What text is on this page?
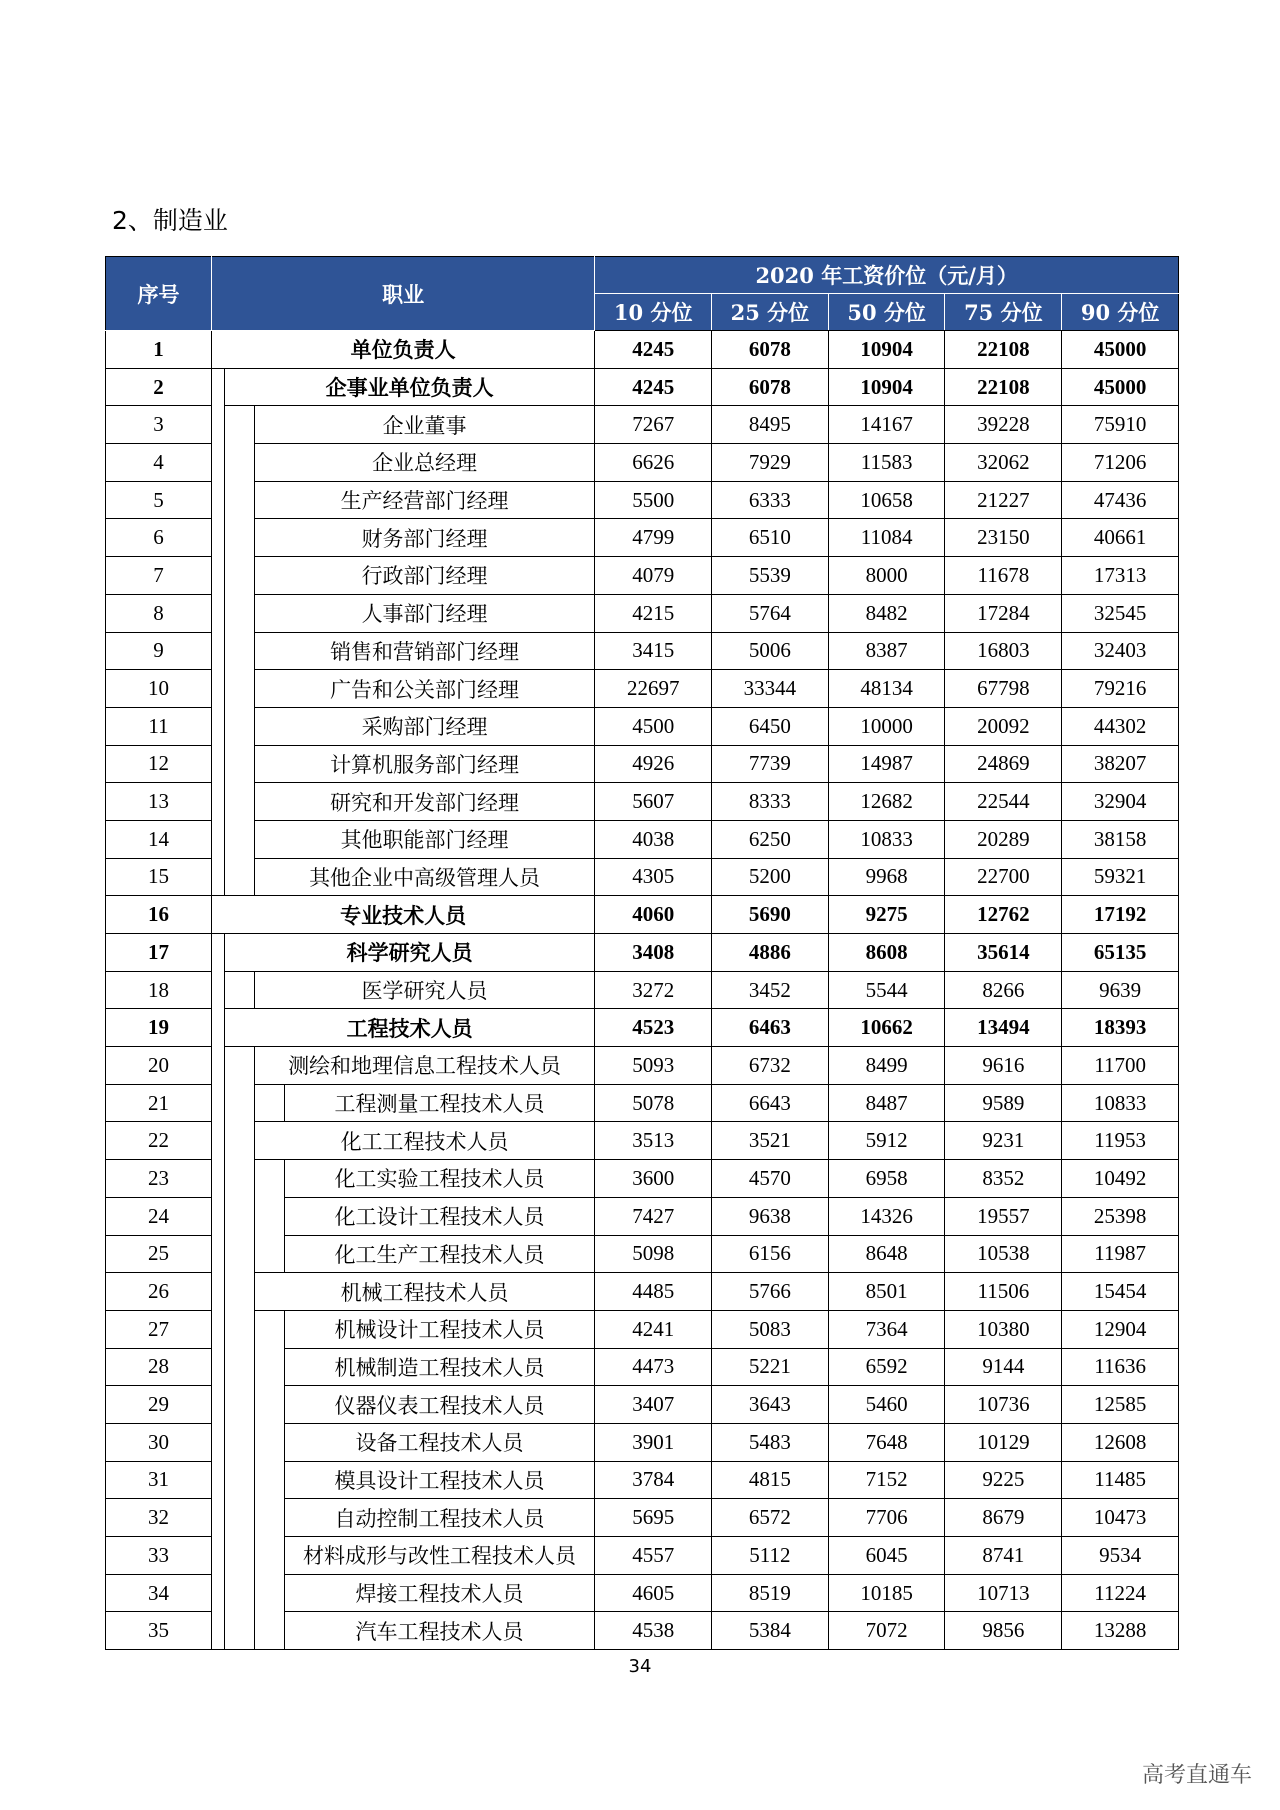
2、制造业
序号	职业				2020 年工资价位（元/月）				
					10 分位	25 分位	50 分位	75 分位	90 分位
1	单位负责人				4245	6078	10904	22108	45000
2		企事业单位负责人			4245	6078	10904	22108	45000
3			企业董事		7267	8495	14167	39228	75910
4			企业总经理		6626	7929	11583	32062	71206
5			生产经营部门经理		5500	6333	10658	21227	47436
6			财务部门经理		4799	6510	11084	23150	40661
7			行政部门经理		4079	5539	8000	11678	17313
8			人事部门经理		4215	5764	8482	17284	32545
9			销售和营销部门经理		3415	5006	8387	16803	32403
10			广告和公关部门经理		22697	33344	48134	67798	79216
11			采购部门经理		4500	6450	10000	20092	44302
12			计算机服务部门经理		4926	7739	14987	24869	38207
13			研究和开发部门经理		5607	8333	12682	22544	32904
14			其他职能部门经理		4038	6250	10833	20289	38158
15			其他企业中高级管理人员		4305	5200	9968	22700	59321
16	专业技术人员				4060	5690	9275	12762	17192
17		科学研究人员			3408	4886	8608	35614	65135
18			医学研究人员		3272	3452	5544	8266	9639
19		工程技术人员			4523	6463	10662	13494	18393
20			测绘和地理信息工程技术人员		5093	6732	8499	9616	11700
21				工程测量工程技术人员	5078	6643	8487	9589	10833
22			化工工程技术人员		3513	3521	5912	9231	11953
23				化工实验工程技术人员	3600	4570	6958	8352	10492
24				化工设计工程技术人员	7427	9638	14326	19557	25398
25				化工生产工程技术人员	5098	6156	8648	10538	11987
26			机械工程技术人员		4485	5766	8501	11506	15454
27				机械设计工程技术人员	4241	5083	7364	10380	12904
28				机械制造工程技术人员	4473	5221	6592	9144	11636
29				仪器仪表工程技术人员	3407	3643	5460	10736	12585
30				设备工程技术人员	3901	5483	7648	10129	12608
31				模具设计工程技术人员	3784	4815	7152	9225	11485
32				自动控制工程技术人员	5695	6572	7706	8679	10473
33				材料成形与改性工程技术人员	4557	5112	6045	8741	9534
34				焊接工程技术人员	4605	8519	10185	10713	11224
35				汽车工程技术人员	4538	5384	7072	9856	13288
34
高考直通车
